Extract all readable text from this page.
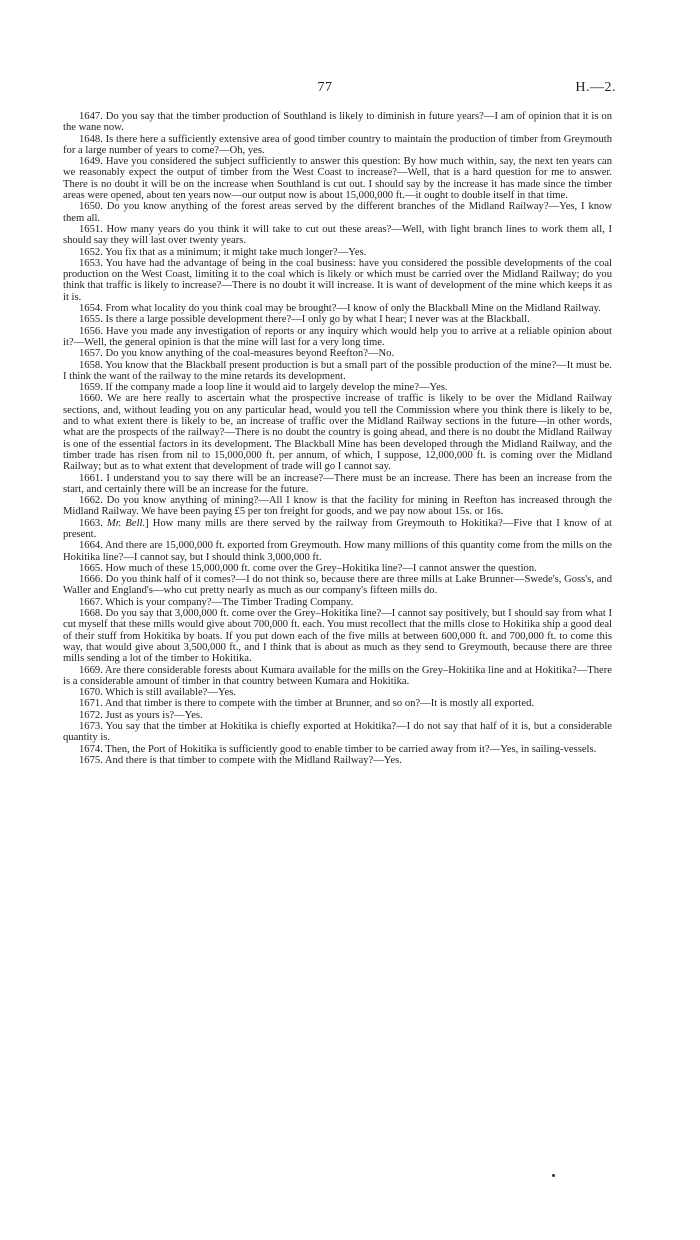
77	H.—2.

1647. Do you say that the timber production of Southland is likely to diminish in future years?—I am of opinion that it is on the wane now.

1648. Is there here a sufficiently extensive area of good timber country to maintain the production of timber from Greymouth for a large number of years to come?—Oh, yes.

1649. Have you considered the subject sufficiently to answer this question: By how much within, say, the next ten years can we reasonably expect the output of timber from the West Coast to increase?—Well, that is a hard question for me to answer. There is no doubt it will be on the increase when Southland is cut out. I should say by the increase it has made since the timber areas were opened, about ten years now—our output now is about 15,000,000 ft.—it ought to double itself in that time.

1650. Do you know anything of the forest areas served by the different branches of the Midland Railway?—Yes, I know them all.

1651. How many years do you think it will take to cut out these areas?—Well, with light branch lines to work them all, I should say they will last over twenty years.

1652. You fix that as a minimum; it might take much longer?—Yes.

1653. You have had the advantage of being in the coal business: have you considered the possible developments of the coal production on the West Coast, limiting it to the coal which is likely or which must be carried over the Midland Railway; do you think that traffic is likely to increase?—There is no doubt it will increase. It is want of development of the mine which keeps it as it is.

1654. From what locality do you think coal may be brought?—I know of only the Blackball Mine on the Midland Railway.

1655. Is there a large possible development there?—I only go by what I hear; I never was at the Blackball.

1656. Have you made any investigation of reports or any inquiry which would help you to arrive at a reliable opinion about it?—Well, the general opinion is that the mine will last for a very long time.

1657. Do you know anything of the coal-measures beyond Reefton?—No.

1658. You know that the Blackball present production is but a small part of the possible production of the mine?—It must be. I think the want of the railway to the mine retards its development.

1659. If the company made a loop line it would aid to largely develop the mine?—Yes.

1660. We are here really to ascertain what the prospective increase of traffic is likely to be over the Midland Railway sections, and, without leading you on any particular head, would you tell the Commission where you think there is likely to be, and to what extent there is likely to be, an increase of traffic over the Midland Railway sections in the future—in other words, what are the prospects of the railway?—There is no doubt the country is going ahead, and there is no doubt the Midland Railway is one of the essential factors in its development. The Blackball Mine has been developed through the Midland Railway, and the timber trade has risen from nil to 15,000,000 ft. per annum, of which, I suppose, 12,000,000 ft. is coming over the Midland Railway; but as to what extent that development of trade will go I cannot say.

1661. I understand you to say there will be an increase?—There must be an increase. There has been an increase from the start, and certainly there will be an increase for the future.

1662. Do you know anything of mining?—All I know is that the facility for mining in Reefton has increased through the Midland Railway. We have been paying £5 per ton freight for goods, and we pay now about 15s. or 16s.

1663. Mr. Bell.] How many mills are there served by the railway from Greymouth to Hokitika?—Five that I know of at present.

1664. And there are 15,000,000 ft. exported from Greymouth. How many millions of this quantity come from the mills on the Hokitika line?—I cannot say, but I should think 3,000,000 ft.

1665. How much of these 15,000,000 ft. come over the Grey–Hokitika line?—I cannot answer the question.

1666. Do you think half of it comes?—I do not think so, because there are three mills at Lake Brunner—Swede's, Goss's, and Waller and England's—who cut pretty nearly as much as our company's fifteen mills do.

1667. Which is your company?—The Timber Trading Company.

1668. Do you say that 3,000,000 ft. come over the Grey–Hokitika line?—I cannot say positively, but I should say from what I cut myself that these mills would give about 700,000 ft. each. You must recollect that the mills close to Hokitika ship a good deal of their stuff from Hokitika by boats. If you put down each of the five mills at between 600,000 ft. and 700,000 ft. to come this way, that would give about 3,500,000 ft., and I think that is about as much as they send to Greymouth, because there are three mills sending a lot of the timber to Hokitika.

1669. Are there considerable forests about Kumara available for the mills on the Grey–Hokitika line and at Hokitika?—There is a considerable amount of timber in that country between Kumara and Hokitika.

1670. Which is still available?—Yes.

1671. And that timber is there to compete with the timber at Brunner, and so on?—It is mostly all exported.

1672. Just as yours is?—Yes.

1673. You say that the timber at Hokitika is chiefly exported at Hokitika?—I do not say that half of it is, but a considerable quantity is.

1674. Then, the Port of Hokitika is sufficiently good to enable timber to be carried away from it?—Yes, in sailing-vessels.

1675. And there is that timber to compete with the Midland Railway?—Yes.
